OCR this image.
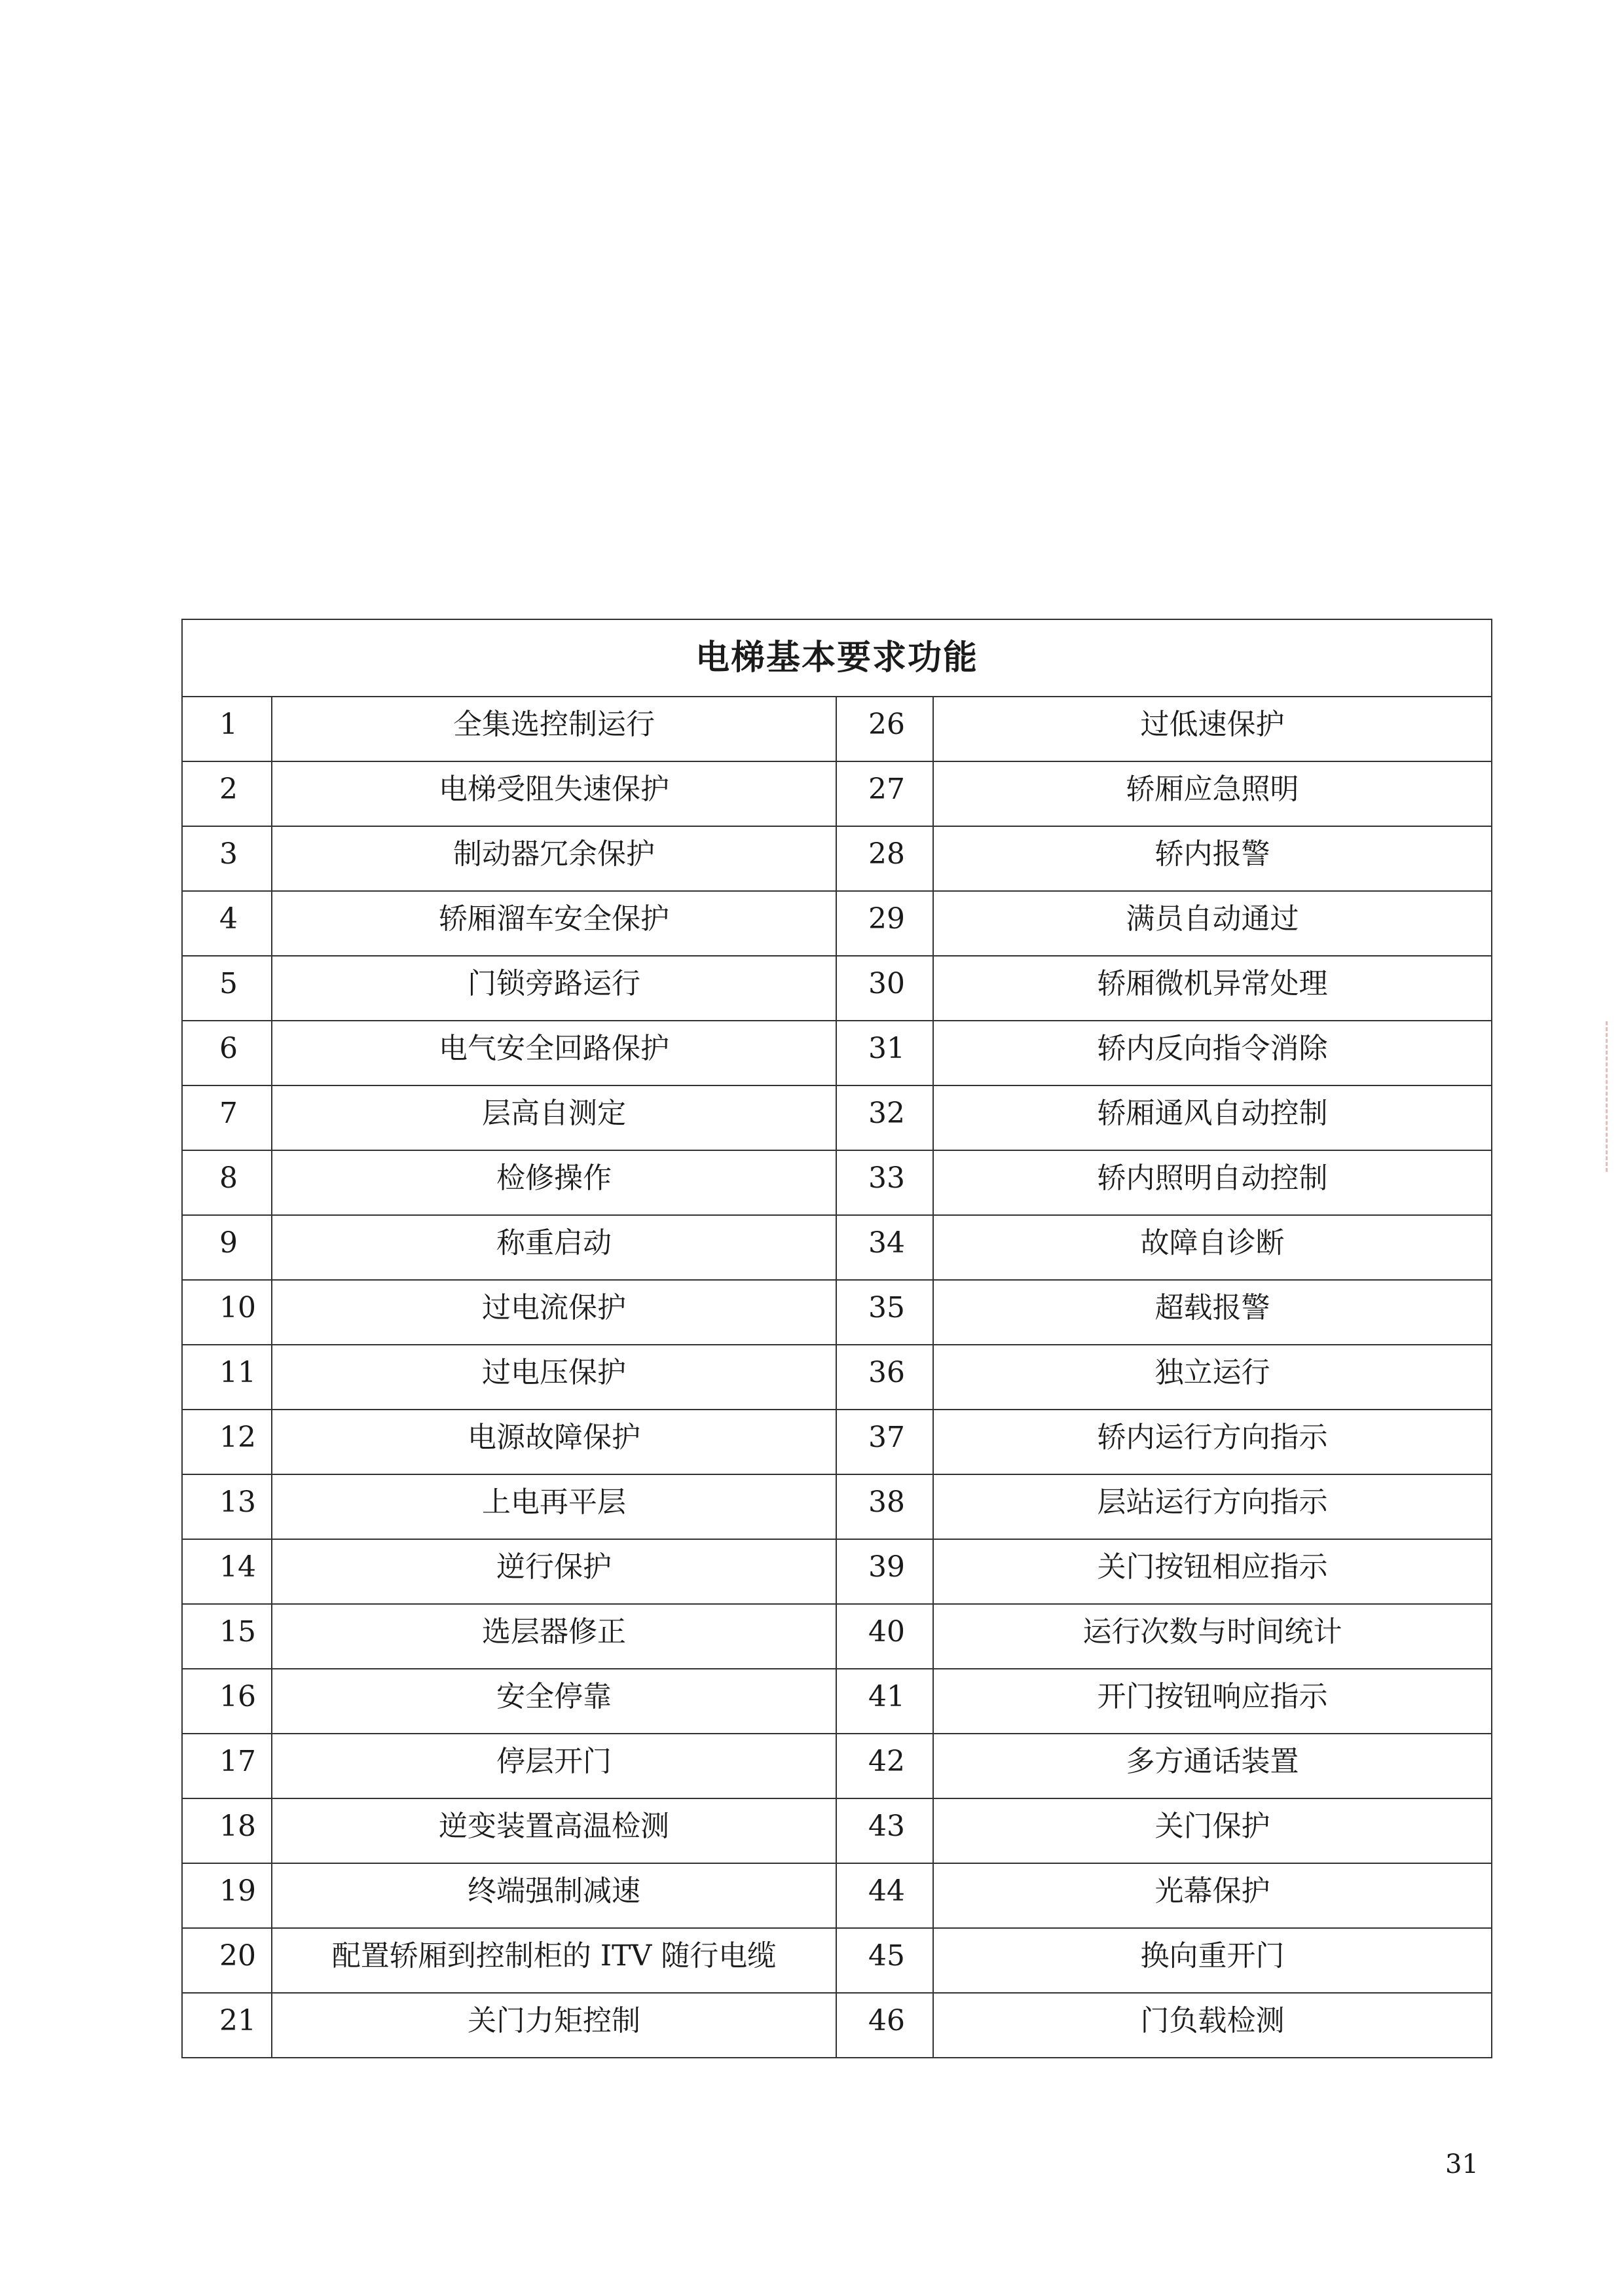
电梯基本要求功能			
1	全集选控制运行	26	过低速保护
2	电梯受阻失速保护	27	轿厢应急照明
3	制动器冗余保护	28	轿内报警
4	轿厢溜车安全保护	29	满员自动通过
5	门锁旁路运行	30	轿厢微机异常处理
6	电气安全回路保护	31	轿内反向指令消除
7	层高自测定	32	轿厢通风自动控制
8	检修操作	33	轿内照明自动控制
9	称重启动	34	故障自诊断
10	过电流保护	35	超载报警
11	过电压保护	36	独立运行
12	电源故障保护	37	轿内运行方向指示
13	上电再平层	38	层站运行方向指示
14	逆行保护	39	关门按钮相应指示
15	选层器修正	40	运行次数与时间统计
16	安全停靠	41	开门按钮响应指示
17	停层开门	42	多方通话装置
18	逆变装置高温检测	43	关门保护
19	终端强制减速	44	光幕保护
20	配置轿厢到控制柜的 ITV 随行电缆	45	换向重开门
21	关门力矩控制	46	门负载检测
31
